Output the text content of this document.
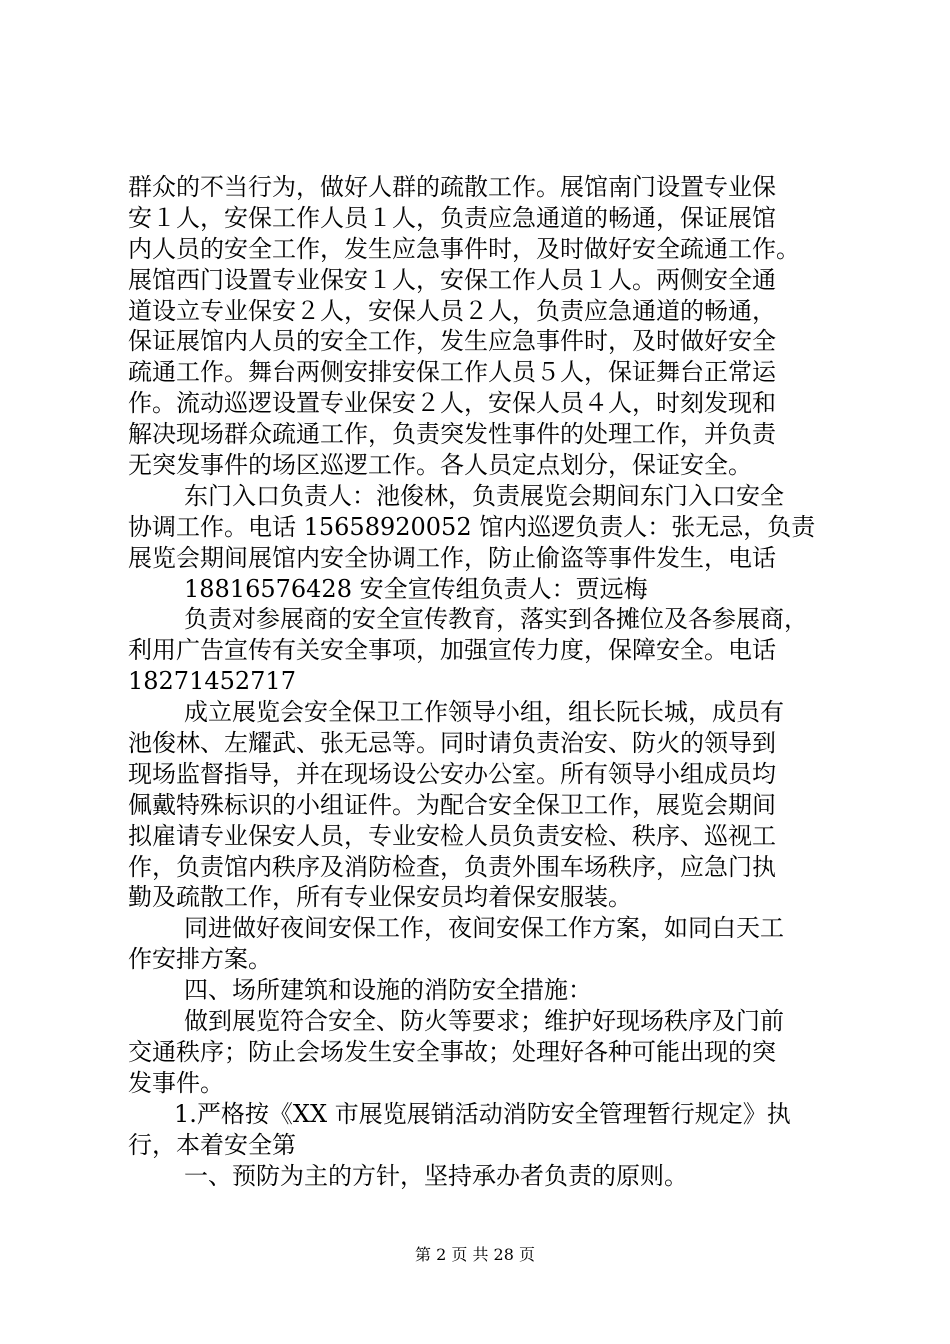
群众的不当行为，做好人群的疏散工作。展馆南门设置专业保
安１人，安保工作人员１人，负责应急通道的畅通，保证展馆
内人员的安全工作，发生应急事件时，及时做好安全疏通工作。
展馆西门设置专业保安１人，安保工作人员１人。两侧安全通
道设立专业保安２人，安保人员２人，负责应急通道的畅通，
保证展馆内人员的安全工作，发生应急事件时，及时做好安全
疏通工作。舞台两侧安排安保工作人员５人，保证舞台正常运
作。流动巡逻设置专业保安２人，安保人员４人，时刻发现和
解决现场群众疏通工作，负责突发性事件的处理工作，并负责
无突发事件的场区巡逻工作。各人员定点划分，保证安全。
东门入口负责人：池俊林，负责展览会期间东门入口安全
协调工作。电话 15658920052 馆内巡逻负责人：张无忌，负责
展览会期间展馆内安全协调工作，防止偷盗等事件发生，电话
18816576428 安全宣传组负责人：贾远梅
负责对参展商的安全宣传教育，落实到各摊位及各参展商，
利用广告宣传有关安全事项，加强宣传力度，保障安全。电话
18271452717
成立展览会安全保卫工作领导小组，组长阮长城，成员有
池俊林、左耀武、张无忌等。同时请负责治安、防火的领导到
现场监督指导，并在现场设公安办公室。所有领导小组成员均
佩戴特殊标识的小组证件。为配合安全保卫工作，展览会期间
拟雇请专业保安人员，专业安检人员负责安检、秩序、巡视工
作，负责馆内秩序及消防检查，负责外围车场秩序，应急门执
勤及疏散工作，所有专业保安员均着保安服装。
同进做好夜间安保工作，夜间安保工作方案，如同白天工
作安排方案。
四、场所建筑和设施的消防安全措施：
做到展览符合安全、防火等要求；维护好现场秩序及门前
交通秩序；防止会场发生安全事故；处理好各种可能出现的突
发事件。
1.严格按《XX 市展览展销活动消防安全管理暂行规定》执
行，本着安全第
一、预防为主的方针，坚持承办者负责的原则。
第 2 页 共 28 页
